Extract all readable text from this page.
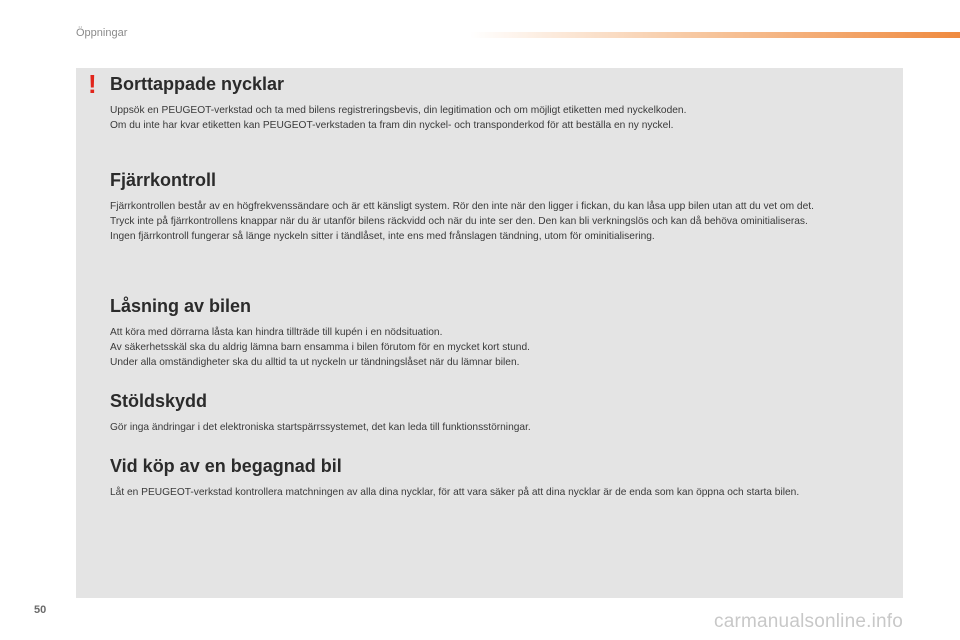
Öppningar
! Borttappade nycklar

Uppsök en PEUGEOT-verkstad och ta med bilens registreringsbevis, din legitimation och om möjligt etiketten med nyckelkoden.
Om du inte har kvar etiketten kan PEUGEOT-verkstaden ta fram din nyckel- och transponderkod för att beställa en ny nyckel.

Fjärrkontroll

Fjärrkontrollen består av en högfrekvenssändare och är ett känsligt system. Rör den inte när den ligger i fickan, du kan låsa upp bilen utan att du vet om det.
Tryck inte på fjärrkontrollens knappar när du är utanför bilens räckvidd och när du inte ser den. Den kan bli verkningslös och kan då behöva ominitialiseras.
Ingen fjärrkontroll fungerar så länge nyckeln sitter i tändlåset, inte ens med frånslagen tändning, utom för ominitialisering.

Låsning av bilen

Att köra med dörrarna låsta kan hindra tillträde till kupén i en nödsituation.
Av säkerhetsskäl ska du aldrig lämna barn ensamma i bilen förutom för en mycket kort stund.
Under alla omständigheter ska du alltid ta ut nyckeln ur tändningslåset när du lämnar bilen.

Stöldskydd

Gör inga ändringar i det elektroniska startspärrssystemet, det kan leda till funktionsstörningar.

Vid köp av en begagnad bil

Låt en PEUGEOT-verkstad kontrollera matchningen av alla dina nycklar, för att vara säker på att dina nycklar är de enda som kan öppna och starta bilen.

50
carmanualsonline.info
